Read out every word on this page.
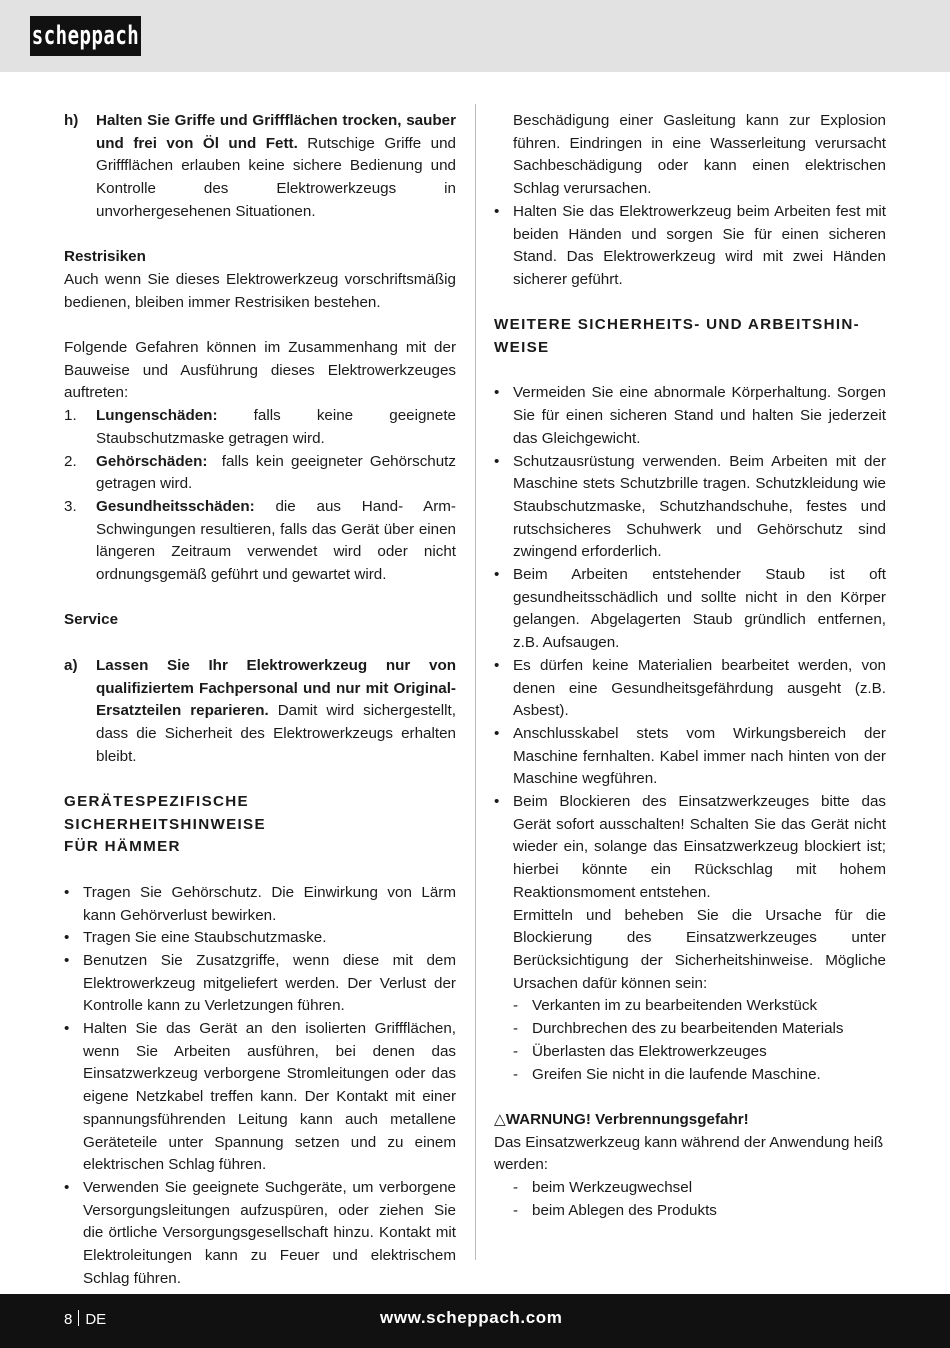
scheppach
h)	Halten Sie Griffe und Griffflächen trocken, sauber und frei von Öl und Fett. Rutschige Griffe und Griffflächen erlauben keine sichere Bedienung und Kontrolle des Elektrowerkzeugs in unvorhergesehenen Situationen.
Restrisiken
Auch wenn Sie dieses Elektrowerkzeug vorschriftsmäßig bedienen, bleiben immer Restrisiken bestehen.
Folgende Gefahren können im Zusammenhang mit der Bauweise und Ausführung dieses Elektrowerkzeuges auftreten:
1.	Lungenschäden: falls keine geeignete Staubschutzmaske getragen wird.
2.	Gehörschäden:  falls kein geeigneter Gehörschutz getragen wird.
3.	Gesundheitsschäden: die aus Hand- Arm-Schwingungen resultieren, falls das Gerät über einen längeren Zeitraum verwendet wird oder nicht ordnungsgemäß geführt und gewartet wird.
Service
a)	Lassen Sie Ihr Elektrowerkzeug nur von qualifiziertem Fachpersonal und nur mit Original-Ersatzteilen reparieren. Damit wird sichergestellt, dass die Sicherheit des Elektrowerkzeugs erhalten bleibt.
GERÄTESPEZIFISCHE SICHERHEITSHINWEISE
FÜR HÄMMER
• Tragen Sie Gehörschutz. Die Einwirkung von Lärm kann Gehörverlust bewirken.
• Tragen Sie eine Staubschutzmaske.
• Benutzen Sie Zusatzgriffe, wenn diese mit dem Elektrowerkzeug mitgeliefert werden. Der Verlust der Kontrolle kann zu Verletzungen führen.
• Halten Sie das Gerät an den isolierten Griffflächen, wenn Sie Arbeiten ausführen, bei denen das Einsatzwerkzeug verborgene Stromleitungen oder das eigene Netzkabel treffen kann. Der Kontakt mit einer spannungsführenden Leitung kann auch metallene Geräteteile unter Spannung setzen und zu einem elektrischen Schlag führen.
• Verwenden Sie geeignete Suchgeräte, um verborgene Versorgungsleitungen aufzuspüren, oder ziehen Sie die örtliche Versorgungsgesellschaft hinzu. Kontakt mit Elektroleitungen kann zu Feuer und elektrischem Schlag führen.
Beschädigung einer Gasleitung kann zur Explosion führen. Eindringen in eine Wasserleitung verursacht Sachbeschädigung oder kann einen elektrischen Schlag verursachen.
• Halten Sie das Elektrowerkzeug beim Arbeiten fest mit beiden Händen und sorgen Sie für einen sicheren Stand. Das Elektrowerkzeug wird mit zwei Händen sicherer geführt.
WEITERE SICHERHEITS- UND ARBEITSHIN-
WEISE
• Vermeiden Sie eine abnormale Körperhaltung. Sorgen Sie für einen sicheren Stand und halten Sie jederzeit das Gleichgewicht.
• Schutzausrüstung verwenden. Beim Arbeiten mit der Maschine stets Schutzbrille tragen. Schutzkleidung wie Staubschutzmaske, Schutzhandschuhe, festes und rutschsicheres Schuhwerk und Gehörschutz sind zwingend erforderlich.
• Beim Arbeiten entstehender Staub ist oft gesundheitsschädlich und sollte nicht in den Körper gelangen. Abgelagerten Staub gründlich entfernen, z.B. Aufsaugen.
• Es dürfen keine Materialien bearbeitet werden, von denen eine Gesundheitsgefährdung ausgeht (z.B. Asbest).
• Anschlusskabel stets vom Wirkungsbereich der Maschine fernhalten. Kabel immer nach hinten von der Maschine wegführen.
• Beim Blockieren des Einsatzwerkzeuges bitte das Gerät sofort ausschalten! Schalten Sie das Gerät nicht wieder ein, solange das Einsatzwerkzeug blockiert ist; hierbei könnte ein Rückschlag mit hohem Reaktionsmoment entstehen.
Ermitteln und beheben Sie die Ursache für die Blockierung des Einsatzwerkzeuges unter Berücksichtigung der Sicherheitshinweise. Mögliche Ursachen dafür können sein:
- Verkanten im zu bearbeitenden Werkstück
- Durchbrechen des zu bearbeitenden Materials
- Überlasten das Elektrowerkzeuges
- Greifen Sie nicht in die laufende Maschine.
△WARNUNG! Verbrennungsgefahr!
Das Einsatzwerkzeug kann während der Anwendung heiß werden:
- beim Werkzeugwechsel
- beim Ablegen des Produkts
8 DE	www.scheppach.com
